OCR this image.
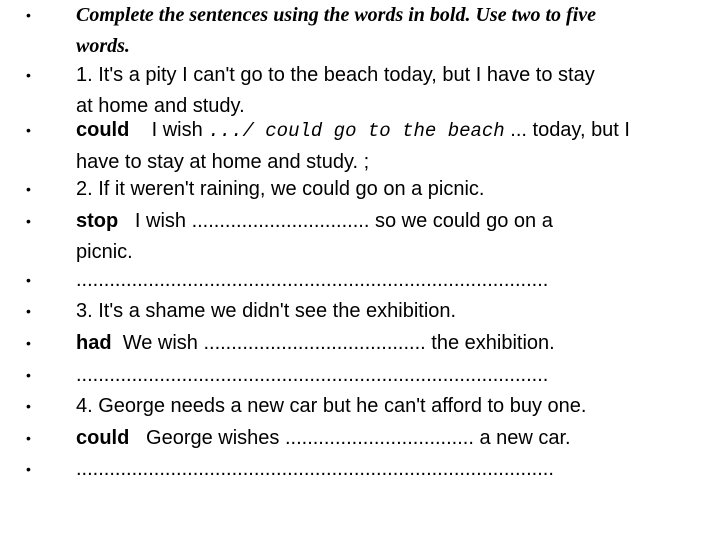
• Complete the sentences using the words in bold. Use two to five
words.
• 1. It's a pity I can't go to the beach today, but I have to stay
at home and study.
• could I wish .../ could go to the beach ... today, but I
have to stay at home and study. ;
• 2. If it weren't raining, we could go on a picnic.
• stop I wish ................................ so we could go on a
picnic.
• .....................................................................................
• 3. It's a shame we didn't see the exhibition.
• had We wish ........................................ the exhibition.
• .....................................................................................
• 4. George needs a new car but he can't afford to buy one.
• could George wishes .................................. a new car.
• ......................................................................................
